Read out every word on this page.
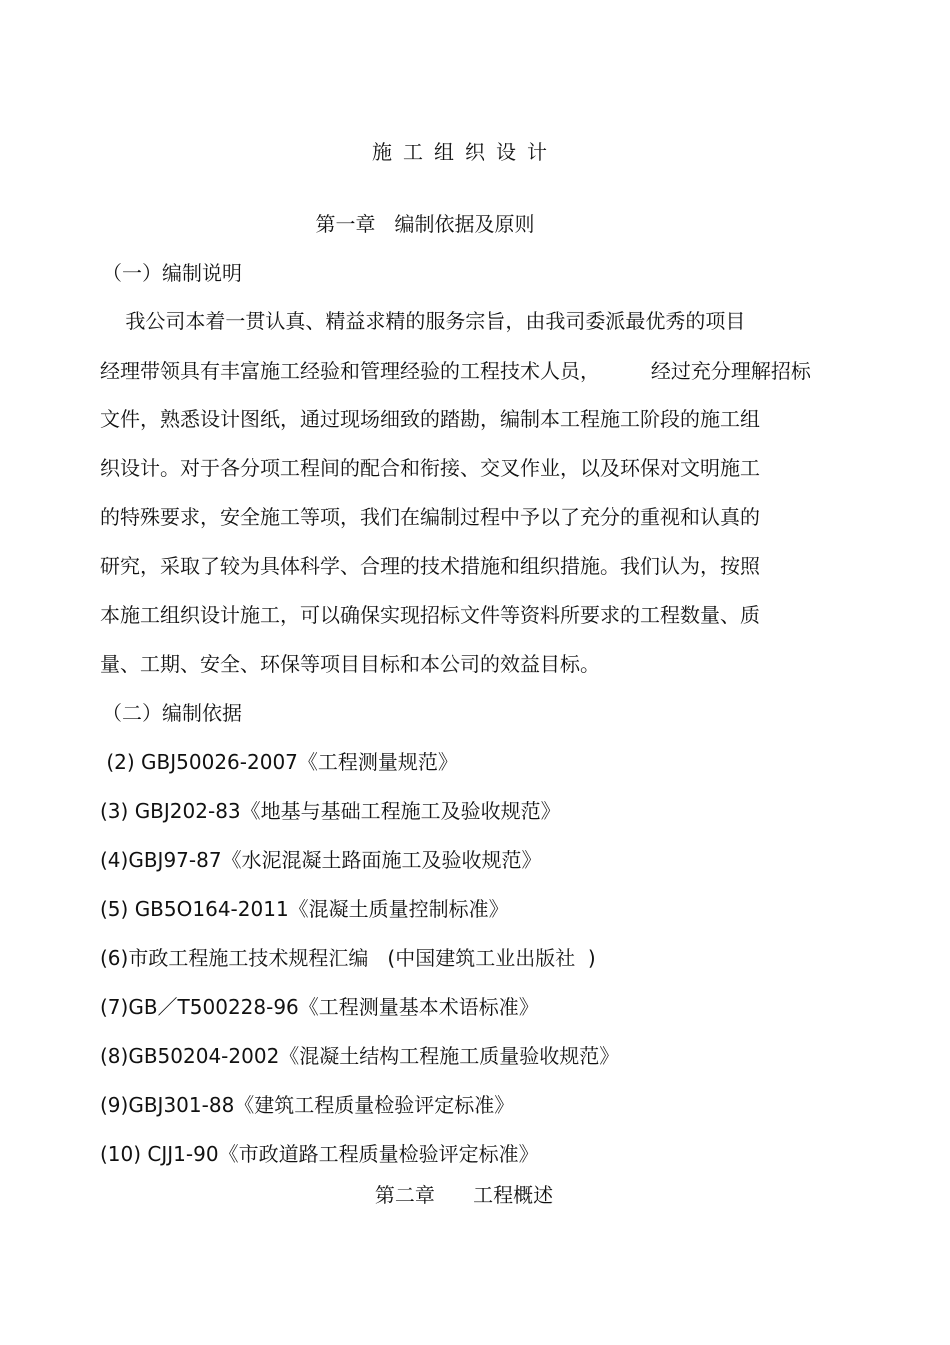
施工组织设计
第一章   编制依据及原则
（一）编制说明
我公司本着一贯认真、精益求精的服务宗旨，由我司委派最优秀的项目
经理带领具有丰富施工经验和管理经验的工程技术人员，        经过充分理解招标
文件，熟悉设计图纸，通过现场细致的踏勘，编制本工程施工阶段的施工组
织设计。对于各分项工程间的配合和衔接、交叉作业，以及环保对文明施工
的特殊要求，安全施工等项，我们在编制过程中予以了充分的重视和认真的
研究，采取了较为具体科学、合理的技术措施和组织措施。我们认为，按照
本施工组织设计施工，可以确保实现招标文件等资料所要求的工程数量、质
量、工期、安全、环保等项目目标和本公司的效益目标。
（二）编制依据
(2) GBJ50026-2007《工程测量规范》
(3) GBJ202-83《地基与基础工程施工及验收规范》
(4)GBJ97-87《水泥混凝土路面施工及验收规范》
(5) GB5O164-2011《混凝土质量控制标准》
(6)市政工程施工技术规程汇编   (中国建筑工业出版社  )
(7)GB／T500228-96《工程测量基本术语标准》
(8)GB50204-2002《混凝土结构工程施工质量验收规范》
(9)GBJ301-88《建筑工程质量检验评定标准》
(10) CJJ1-90《市政道路工程质量检验评定标准》
第二章      工程概述
